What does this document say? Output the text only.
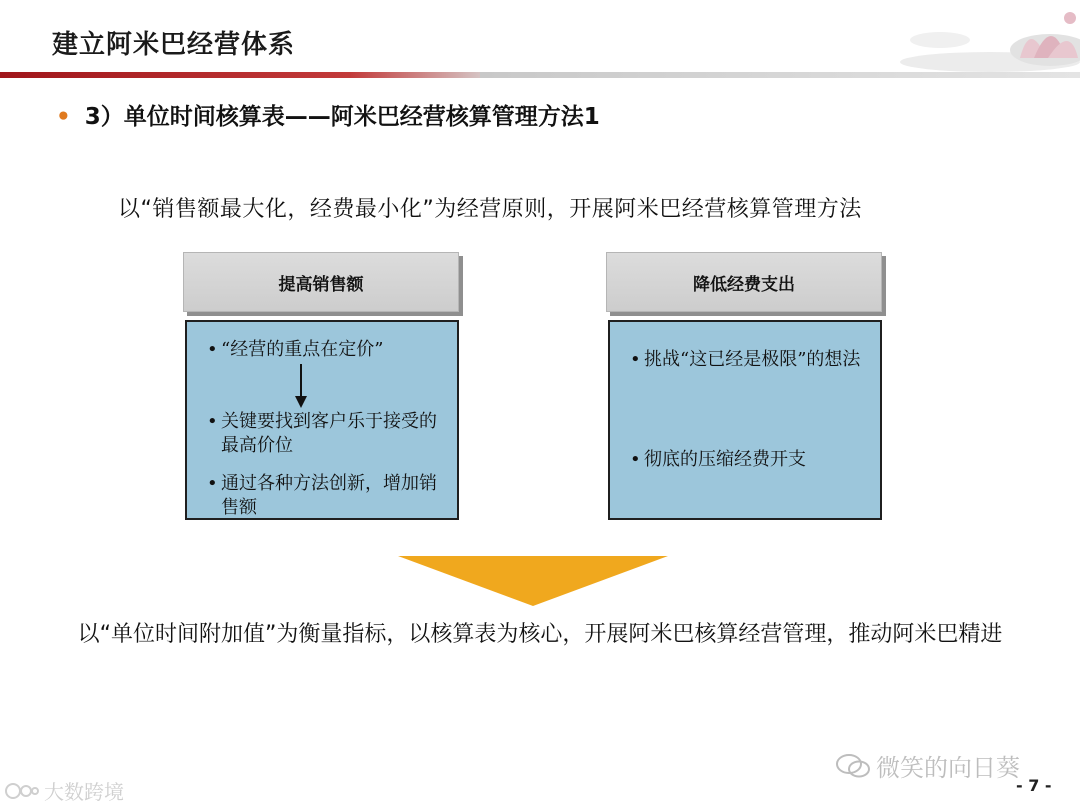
建立阿米巴经营体系
• 3）单位时间核算表——阿米巴经营核算管理方法1
以“销售额最大化，经费最小化”为经营原则，开展阿米巴经营核算管理方法
提高销售额
• “经营的重点在定价”
• 关键要找到客户乐于接受的最高价位
• 通过各种方法创新，增加销售额
降低经费支出
• 挑战“这已经是极限”的想法
• 彻底的压缩经费开支
以“单位时间附加值”为衡量指标，以核算表为核心，开展阿米巴核算经营管理，推动阿米巴精进
微笑的向日葵
大数跨境	- 7 -
